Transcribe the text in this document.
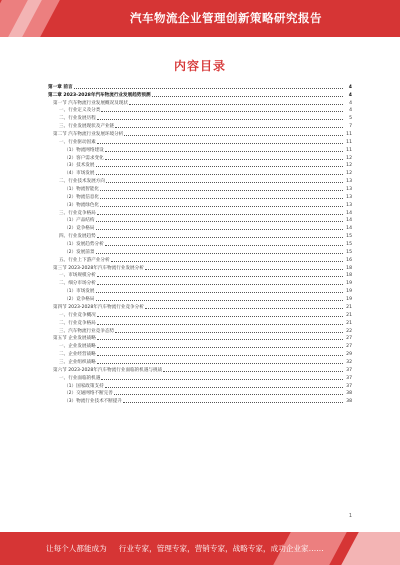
汽车物流企业管理创新策略研究报告
内容目录
第一章 前言	4
第二章 2023-2028年汽车物流行业发展趋势预测	4
第一节 汽车物流行业发展概况及现状	4
一、行业定义及分类	4
二、行业发展历程	5
三、行业发展现状及产业链	7
第二节 汽车物流行业发展环境分析	11
一、行业驱动因素	11
（1）物流网络建设	11
（2）客户需求变化	12
（3）技术发展	12
（4）市场发展	12
二、行业技术发展方向	13
（1）物流智能化	13
（2）物流信息化	13
（3）物流绿色化	13
三、行业竞争格局	14
（1）产品结构	14
（2）竞争格局	14
四、行业发展趋势	15
（1）发展趋势分析	15
（2）发展前景	15
五、行业上下游产业分析	16
第三节 2023-2028年汽车物流行业发展分析	18
一、市场规模分析	18
二、细分市场分析	19
（1）市场发展	19
（2）竞争格局	19
第四节 2023-2028年汽车物流行业竞争分析	21
一、行业竞争概况	21
二、行业竞争格局	21
三、汽车物流行业竞争态势	22
第五节 企业发展战略	27
一、企业发展战略	27
二、企业经营战略	29
三、企业组织战略	32
第六节 2023-2028年汽车物流行业面临的机遇与挑战	37
一、行业面临的机遇	37
（1）国家政策支持	37
（2）交通网络不断完善	38
（3）物流行业技术不断提升	38
1
让每个人都能成为 行业专家，管理专家，营销专家，战略专家，成功企业家……
